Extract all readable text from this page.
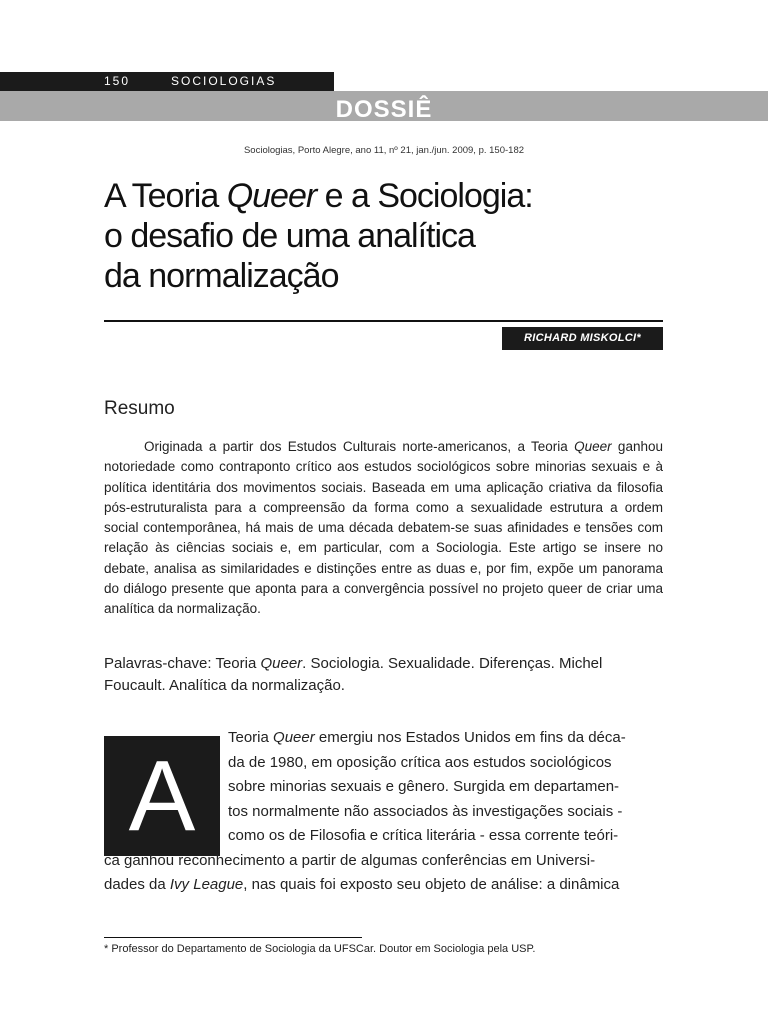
150	SOCIOLOGIAS
DOSSIÊ
Sociologias, Porto Alegre, ano 11, nº 21, jan./jun. 2009, p. 150-182
A Teoria Queer e a Sociologia:
o desafio de uma analítica
da normalização
RICHARD MISKOLCI*
Resumo

Originada a partir dos Estudos Culturais norte-americanos, a Teoria Queer ganhou notoriedade como contraponto crítico aos estudos sociológicos sobre minorias sexuais e à política identitária dos movimentos sociais. Baseada em uma aplicação criativa da filosofia pós-estruturalista para a compreensão da forma como a sexualidade estrutura a ordem social contemporânea, há mais de uma década debatem-se suas afinidades e tensões com relação às ciências sociais e, em particular, com a Sociologia. Este artigo se insere no debate, analisa as similaridades e distinções entre as duas e, por fim, expõe um panorama do diálogo presente que aponta para a convergência possível no projeto queer de criar uma analítica da normalização.

Palavras-chave: Teoria Queer. Sociologia. Sexualidade. Diferenças. Michel Foucault. Analítica da normalização.
A
Teoria Queer emergiu nos Estados Unidos em fins da déca-
da de 1980, em oposição crítica aos estudos sociológicos
sobre minorias sexuais e gênero. Surgida em departamen-
tos normalmente não associados às investigações sociais -
como os de Filosofia e crítica literária - essa corrente teóri-
ca ganhou reconhecimento a partir de algumas conferências em Universi-
dades da Ivy League, nas quais foi exposto seu objeto de análise: a dinâmica
* Professor do Departamento de Sociologia da UFSCar. Doutor em Sociologia pela USP.
